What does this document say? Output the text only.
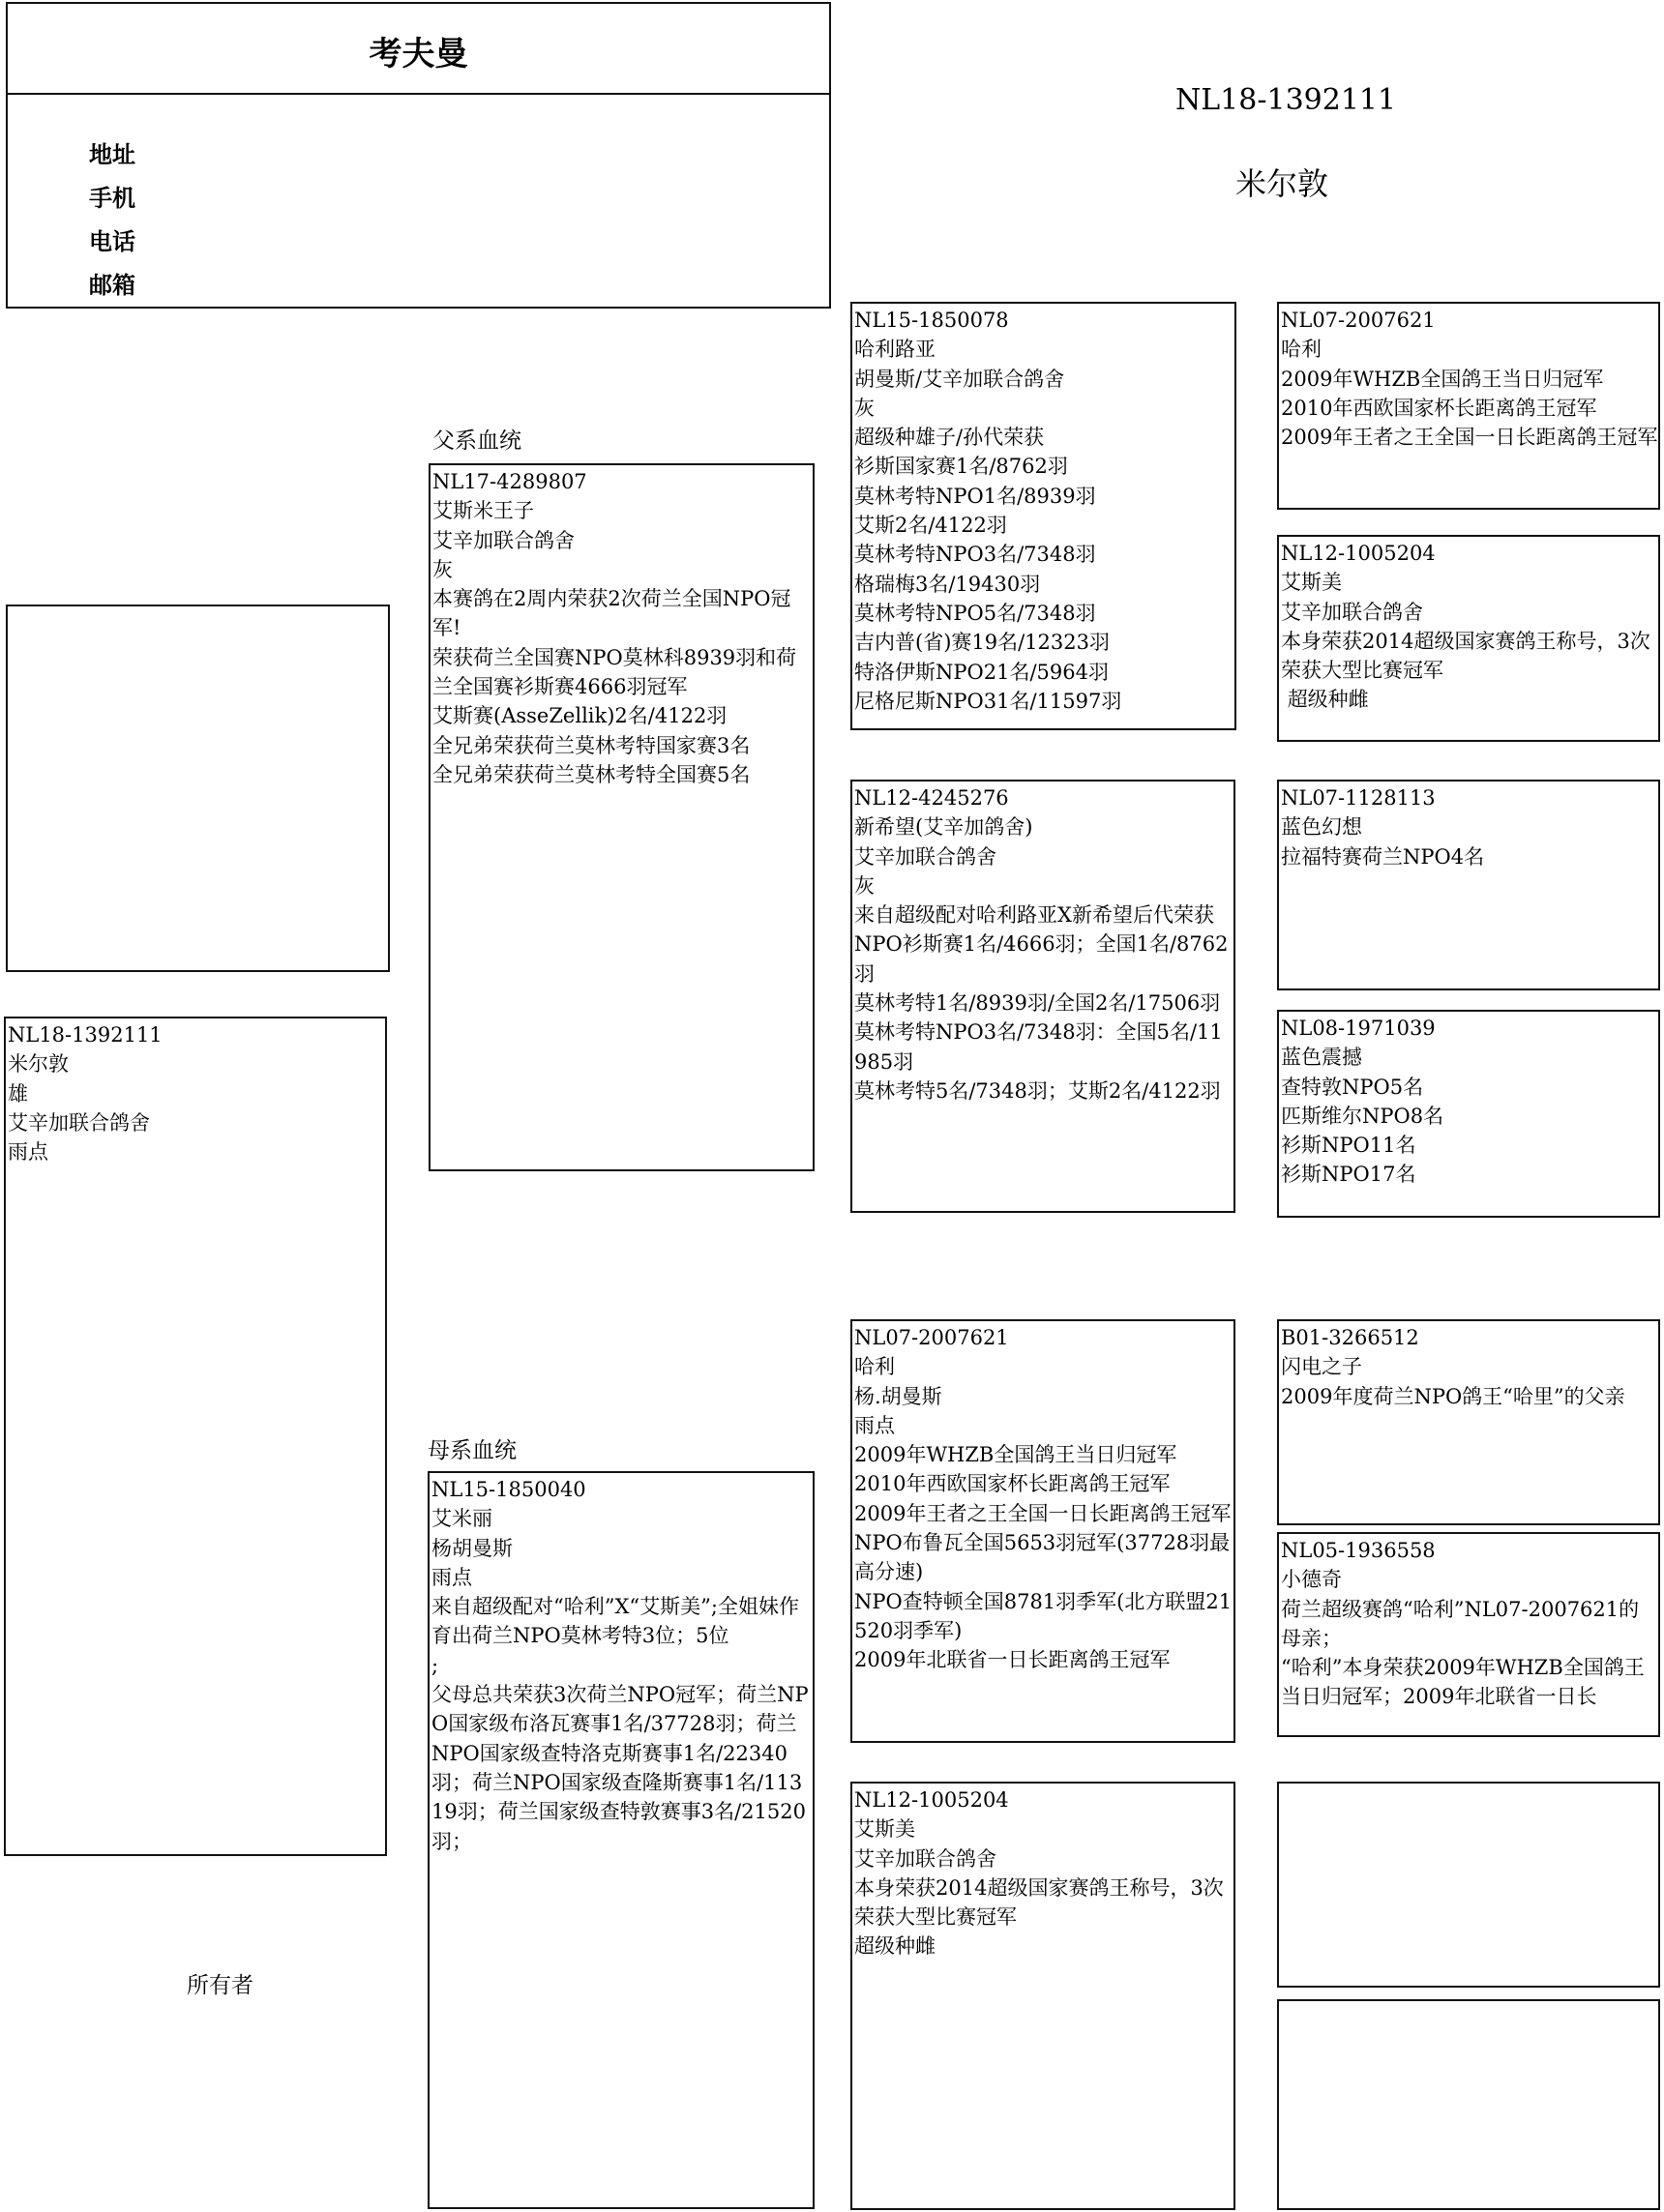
考夫曼
地址
手机
电话
邮箱
NL18-1392111
米尔敦
父系血统
母系血统
所有者
NL18-1392111
米尔敦
雄
艾辛加联合鸽舍
雨点
NL17-4289807
艾斯米王子
艾辛加联合鸽舍
灰
本赛鸽在2周内荣获2次荷兰全国NPO冠军!
荣获荷兰全国赛NPO莫林科8939羽和荷兰全国赛衫斯赛4666羽冠军
艾斯赛(AsseZellik)2名/4122羽
全兄弟荣获荷兰莫林考特国家赛3名
全兄弟荣获荷兰莫林考特全国赛5名
NL15-1850040
艾米丽
杨胡曼斯
雨点
来自超级配对“哈利”X“艾斯美”;全姐妹作育出荷兰NPO莫林考特3位；5位
;
父母总共荣获3次荷兰NPO冠军；荷兰NPO国家级布洛瓦赛事1名/37728羽；荷兰NPO国家级查特洛克斯赛事1名/22340羽；荷兰NPO国家级查隆斯赛事1名/11319羽；荷兰国家级查特敦赛事3名/21520羽；
NL15-1850078
哈利路亚
胡曼斯/艾辛加联合鸽舍
灰
超级种雄子/孙代荣获
衫斯国家赛1名/8762羽
莫林考特NPO1名/8939羽
艾斯2名/4122羽
莫林考特NPO3名/7348羽
格瑞梅3名/19430羽
莫林考特NPO5名/7348羽
吉内普(省)赛19名/12323羽
特洛伊斯NPO21名/5964羽
尼格尼斯NPO31名/11597羽
NL12-4245276
新希望(艾辛加鸽舍)
艾辛加联合鸽舍
灰
来自超级配对哈利路亚X新希望后代荣获
NPO衫斯赛1名/4666羽；全国1名/8762羽
莫林考特1名/8939羽/全国2名/17506羽
莫林考特NPO3名/7348羽：全国5名/11985羽
莫林考特5名/7348羽；艾斯2名/4122羽
NL07-2007621
哈利
杨.胡曼斯
雨点
2009年WHZB全国鸽王当日归冠军
2010年西欧国家杯长距离鸽王冠军
2009年王者之王全国一日长距离鸽王冠军
NPO布鲁瓦全国5653羽冠军(37728羽最高分速)
NPO查特顿全国8781羽季军(北方联盟21520羽季军)
2009年北联省一日长距离鸽王冠军
NL12-1005204
艾斯美
艾辛加联合鸽舍
本身荣获2014超级国家赛鸽王称号，3次荣获大型比赛冠军
超级种雌
NL07-2007621
哈利
2009年WHZB全国鸽王当日归冠军
2010年西欧国家杯长距离鸽王冠军
2009年王者之王全国一日长距离鸽王冠军
NL12-1005204
艾斯美
艾辛加联合鸽舍
本身荣获2014超级国家赛鸽王称号，3次荣获大型比赛冠军
超级种雌
NL07-1128113
蓝色幻想
拉福特赛荷兰NPO4名
NL08-1971039
蓝色震撼
查特敦NPO5名
匹斯维尔NPO8名
衫斯NPO11名
衫斯NPO17名
B01-3266512
闪电之子
2009年度荷兰NPO鸽王“哈里”的父亲
NL05-1936558
小德奇
荷兰超级赛鸽“哈利”NL07-2007621的母亲；
“哈利”本身荣获2009年WHZB全国鸽王当日归冠军；2009年北联省一日长
